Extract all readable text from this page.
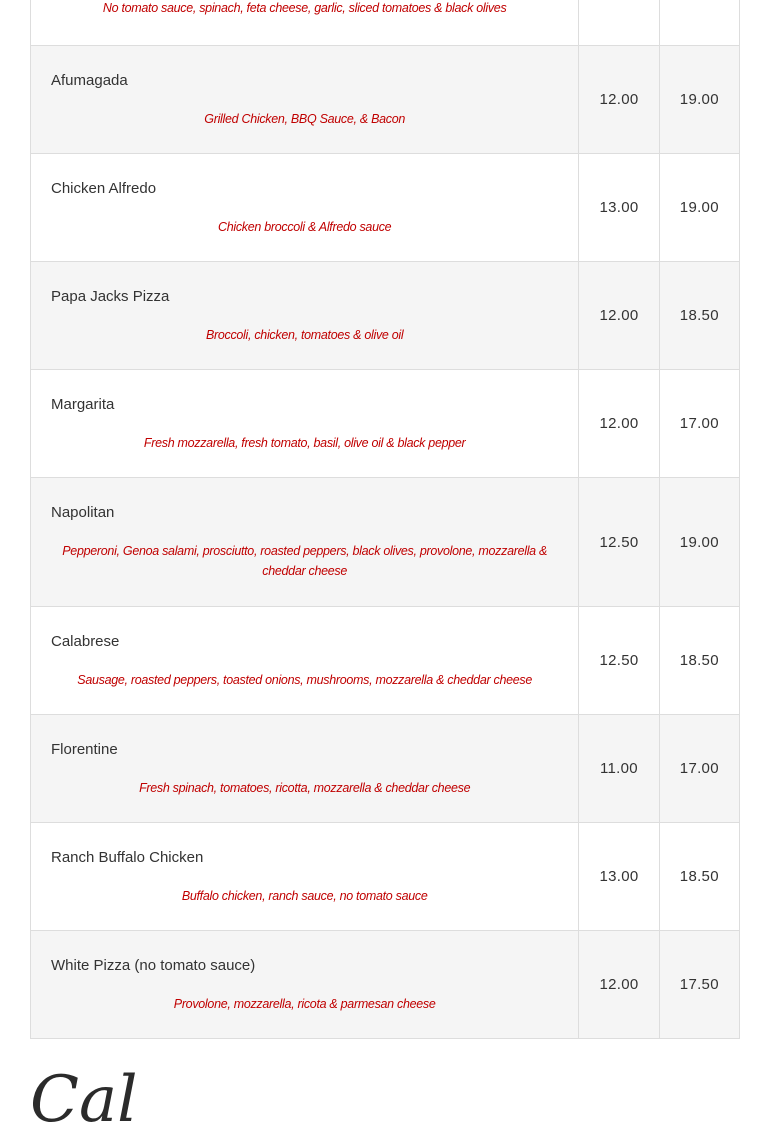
No tomato sauce, spinach, feta cheese, garlic, sliced tomatoes & black olives		

Afumagada
Grilled Chicken, BBQ Sauce, & Bacon	12.00	19.00

Chicken Alfredo
Chicken broccoli & Alfredo sauce	13.00	19.00

Papa Jacks Pizza
Broccoli, chicken, tomatoes & olive oil	12.00	18.50

Margarita
Fresh mozzarella, fresh tomato, basil, olive oil & black pepper	12.00	17.00

Napolitan
Pepperoni, Genoa salami, prosciutto, roasted peppers, black olives, provolone, mozzarella & cheddar cheese	12.50	19.00

Calabrese
Sausage, roasted peppers, toasted onions, mushrooms, mozzarella & cheddar cheese	12.50	18.50

Florentine
Fresh spinach, tomatoes, ricotta, mozzarella & cheddar cheese	11.00	17.00

Ranch Buffalo Chicken
Buffalo chicken, ranch sauce, no tomato sauce	13.00	18.50

White Pizza (no tomato sauce)
Provolone, mozzarella, ricota & parmesan cheese	12.00	17.50
Cal
